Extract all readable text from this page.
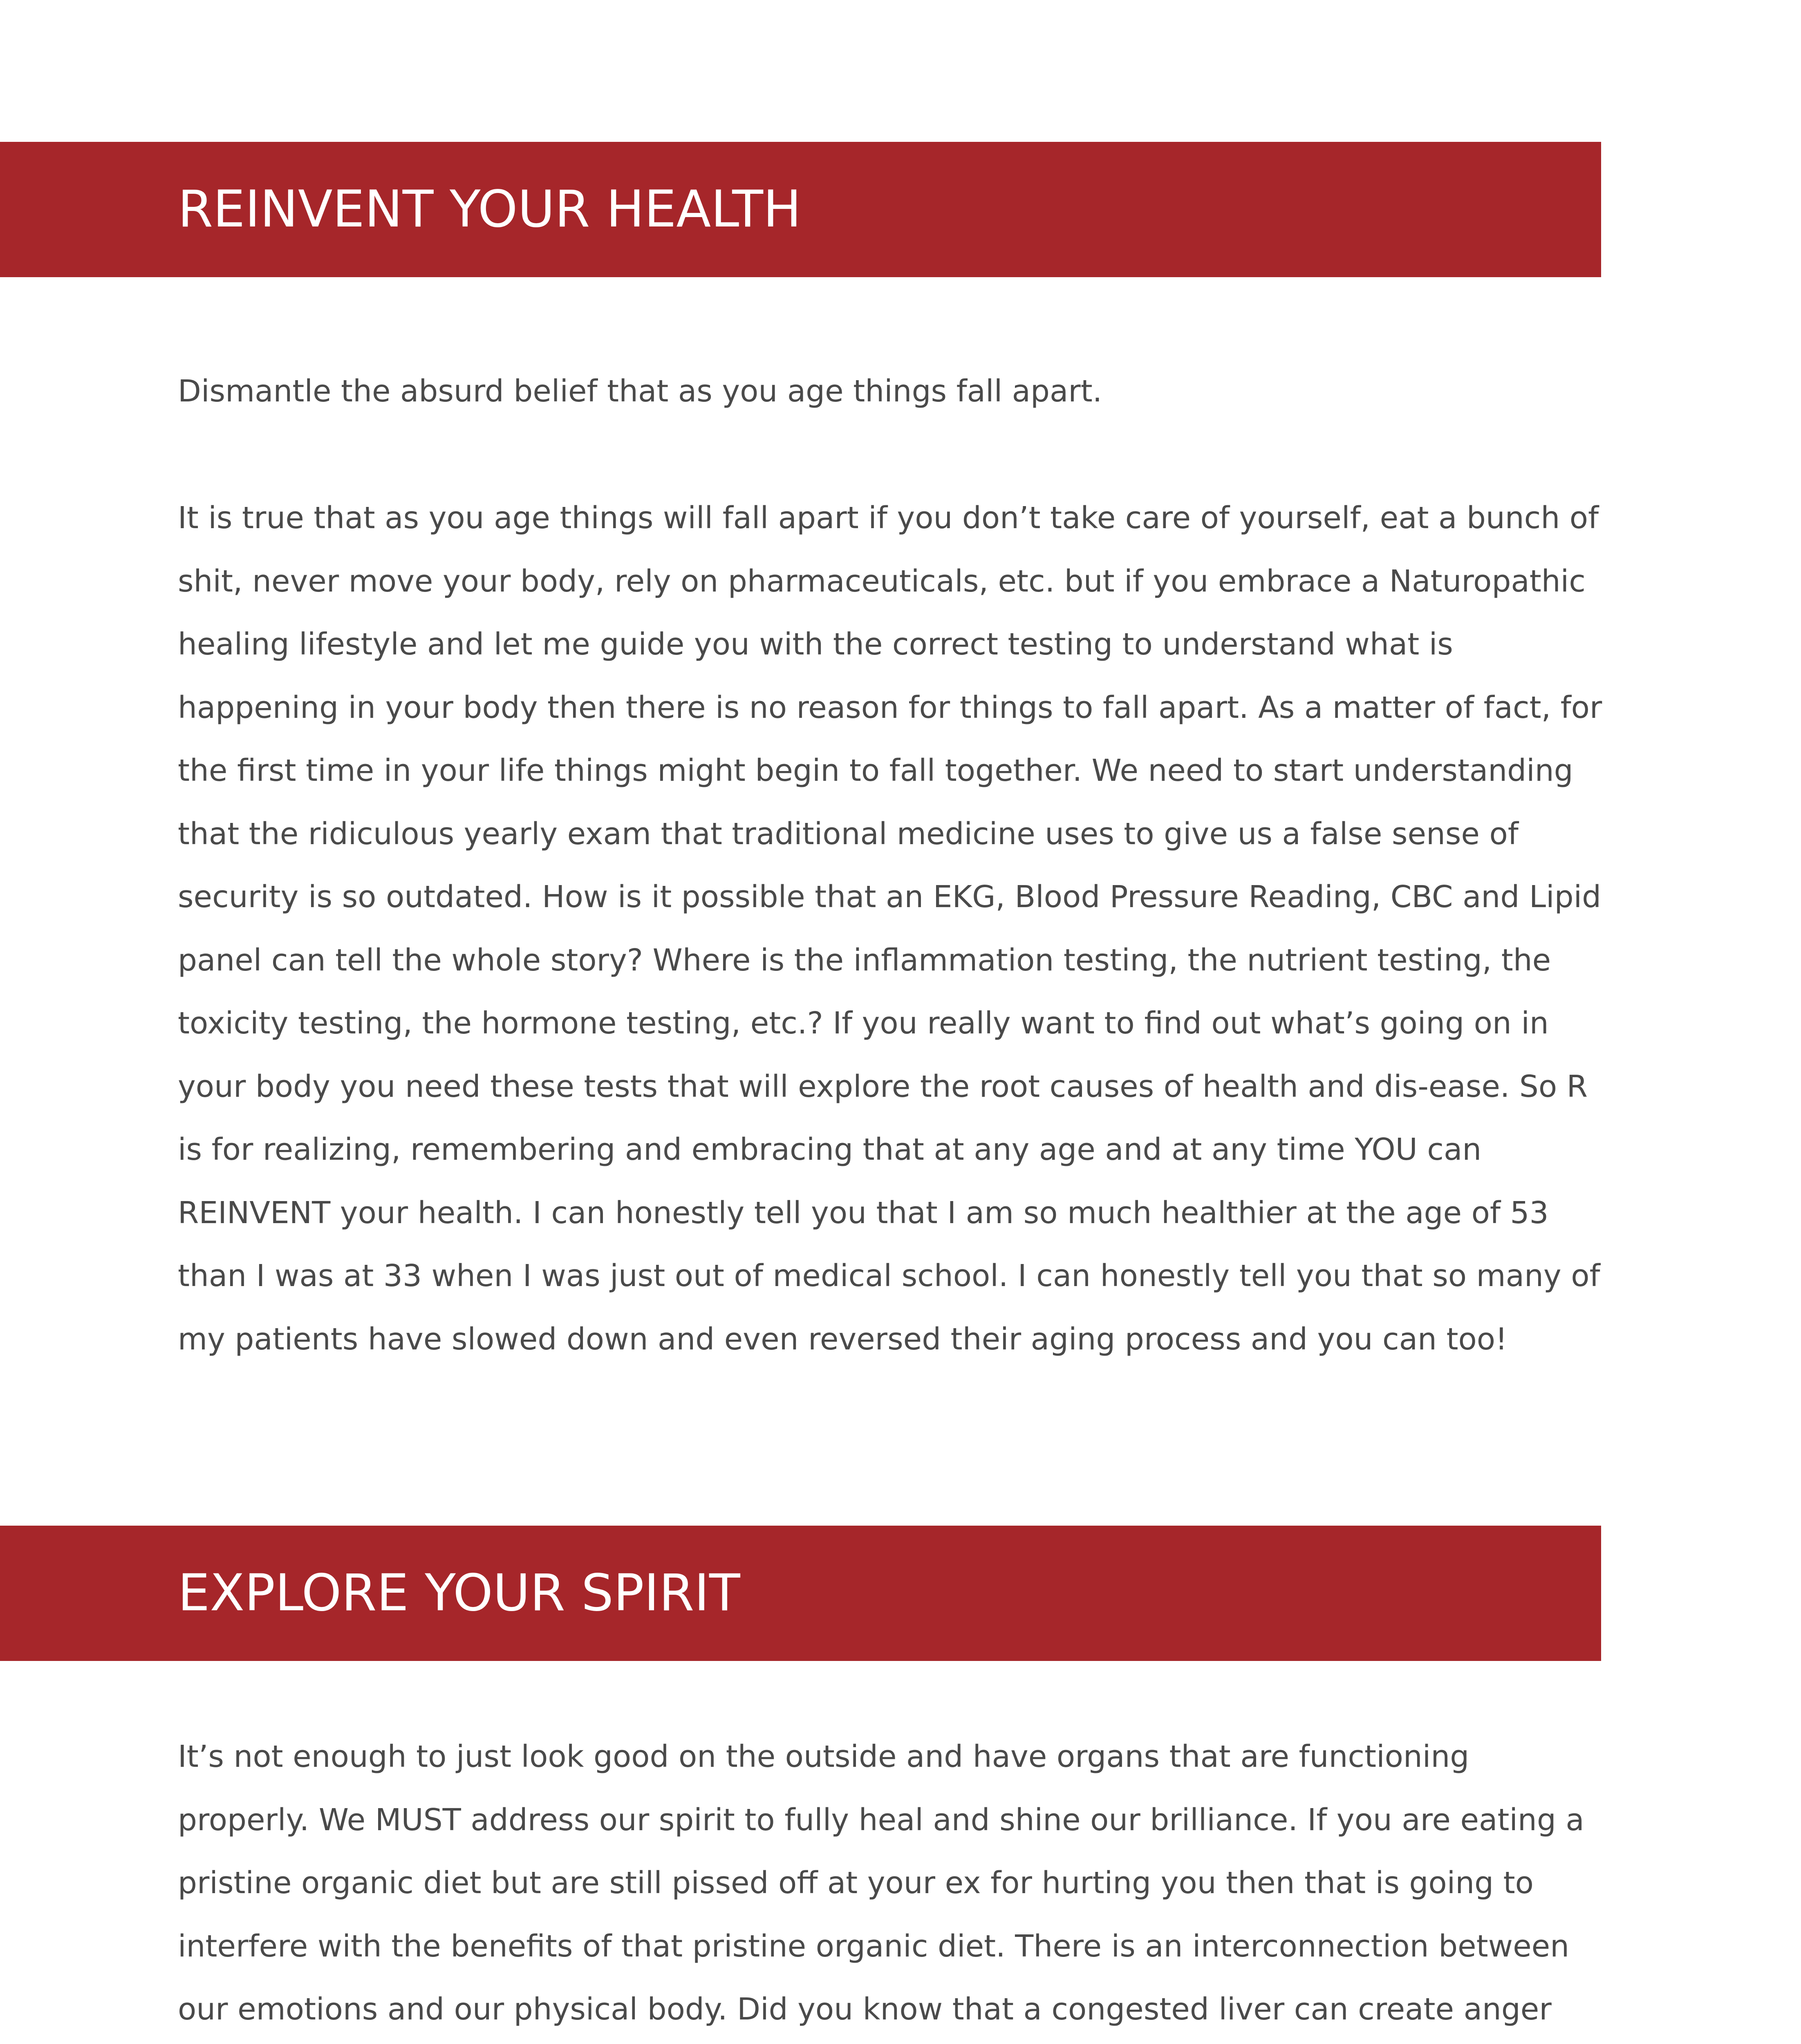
REINVENT YOUR HEALTH

Dismantle the absurd belief that as you age things fall apart.

It is true that as you age things will fall apart if you don’t take care of yourself, eat a bunch of shit, never move your body, rely on pharmaceuticals, etc. but if you embrace a Naturopathic healing lifestyle and let me guide you with the correct testing to understand what is happening in your body then there is no reason for things to fall apart. As a matter of fact, for the first time in your life things might begin to fall together. We need to start understanding that the ridiculous yearly exam that traditional medicine uses to give us a false sense of security is so outdated. How is it possible that an EKG, Blood Pressure Reading, CBC and Lipid panel can tell the whole story? Where is the inflammation testing, the nutrient testing, the toxicity testing, the hormone testing, etc.? If you really want to find out what’s going on in your body you need these tests that will explore the root causes of health and dis-ease. So R is for realizing, remembering and embracing that at any age and at any time YOU can REINVENT your health. I can honestly tell you that I am so much healthier at the age of 53 than I was at 33 when I was just out of medical school. I can honestly tell you that so many of my patients have slowed down and even reversed their aging process and you can too!

EXPLORE YOUR SPIRIT

It’s not enough to just look good on the outside and have organs that are functioning properly. We MUST address our spirit to fully heal and shine our brilliance. If you are eating a pristine organic diet but are still pissed off at your ex for hurting you then that is going to interfere with the benefits of that pristine organic diet. There is an interconnection between our emotions and our physical body. Did you know that a congested liver can create anger
